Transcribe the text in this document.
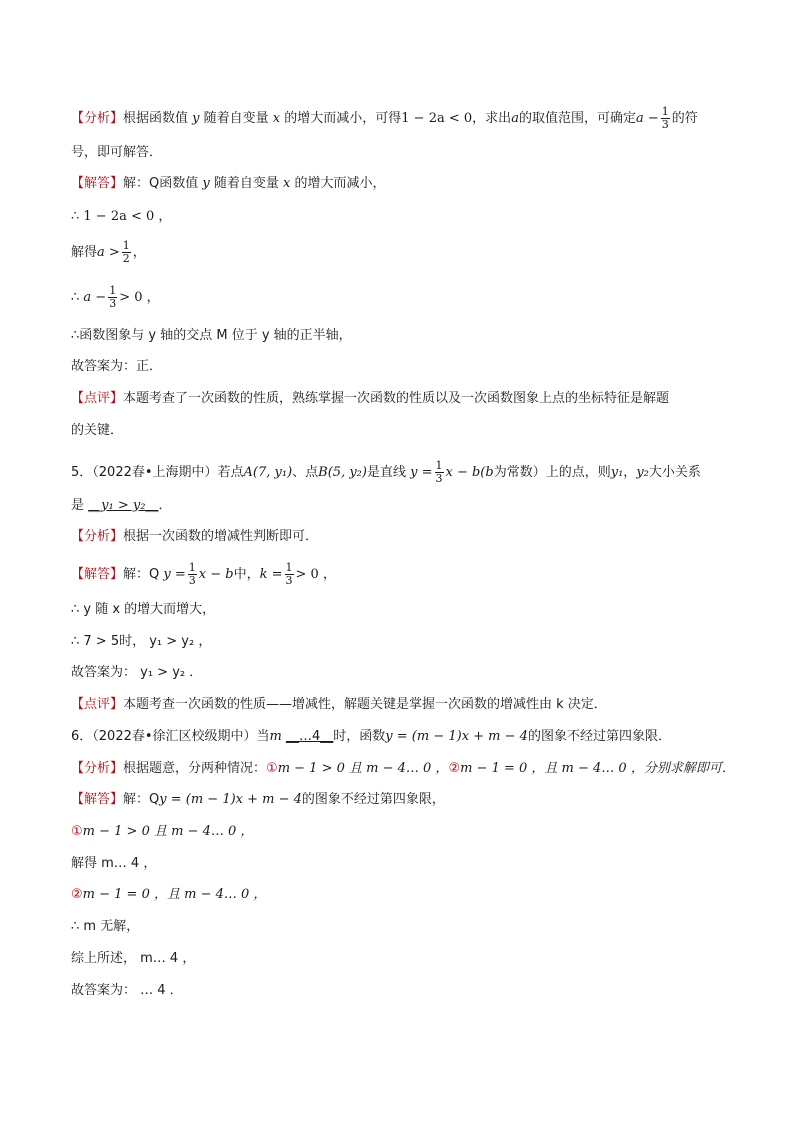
【分析】根据函数值 y 随着自变量 x 的增大而减小，可得1 − 2a < 0，求出a的取值范围，可确定$a - \frac{1}{3}$ 的符
号，即可解答．
【解答】解：Q函数值 y 随着自变量 x 的增大而减小，
∴ 1 − 2a < 0 ，
解得$a > \frac{1}{2}$ ，
∴ $a - \frac{1}{3} > 0$ ，
∴函数图象与 y 轴的交点 M 位于 y 轴的正半轴，
故答案为：正．
【点评】本题考查了一次函数的性质，熟练掌握一次函数的性质以及一次函数图象上点的坐标特征是解题
的关键．
5．（2022春•上海期中）若点A(7, y₁)、点B(5, y₂)是直线 $y = \frac{1}{3}$ x − b(b为常数）上的点，则y₁，y₂大小关系
是 __y₁ > y₂__．
【分析】根据一次函数的增减性判断即可．
【解答】解：Q $y = \frac{1}{3}$ x − b中，$k = \frac{1}{3} > 0$ ，
∴ y 随 x 的增大而增大，
∴ 7 > 5时， y₁ > y₂ ，
故答案为： y₁ > y₂ ．
【点评】本题考查一次函数的性质——增减性，解题关键是掌握一次函数的增减性由 k 决定．
6．（2022春•徐汇区校级期中）当m __…4__时，函数y = (m − 1)x + m − 4的图象不经过第四象限．
【分析】根据题意，分两种情况：①m − 1 > 0 且 m − 4… 0 ，②m − 1 = 0 ，且 m − 4… 0 ，分别求解即可．
【解答】解：Qy = (m − 1)x + m − 4的图象不经过第四象限，
①m − 1 > 0 且 m − 4… 0 ，
解得 m… 4 ，
②m − 1 = 0 ，且 m − 4… 0 ，
∴ m 无解，
综上所述， m… 4 ，
故答案为： … 4 ．
